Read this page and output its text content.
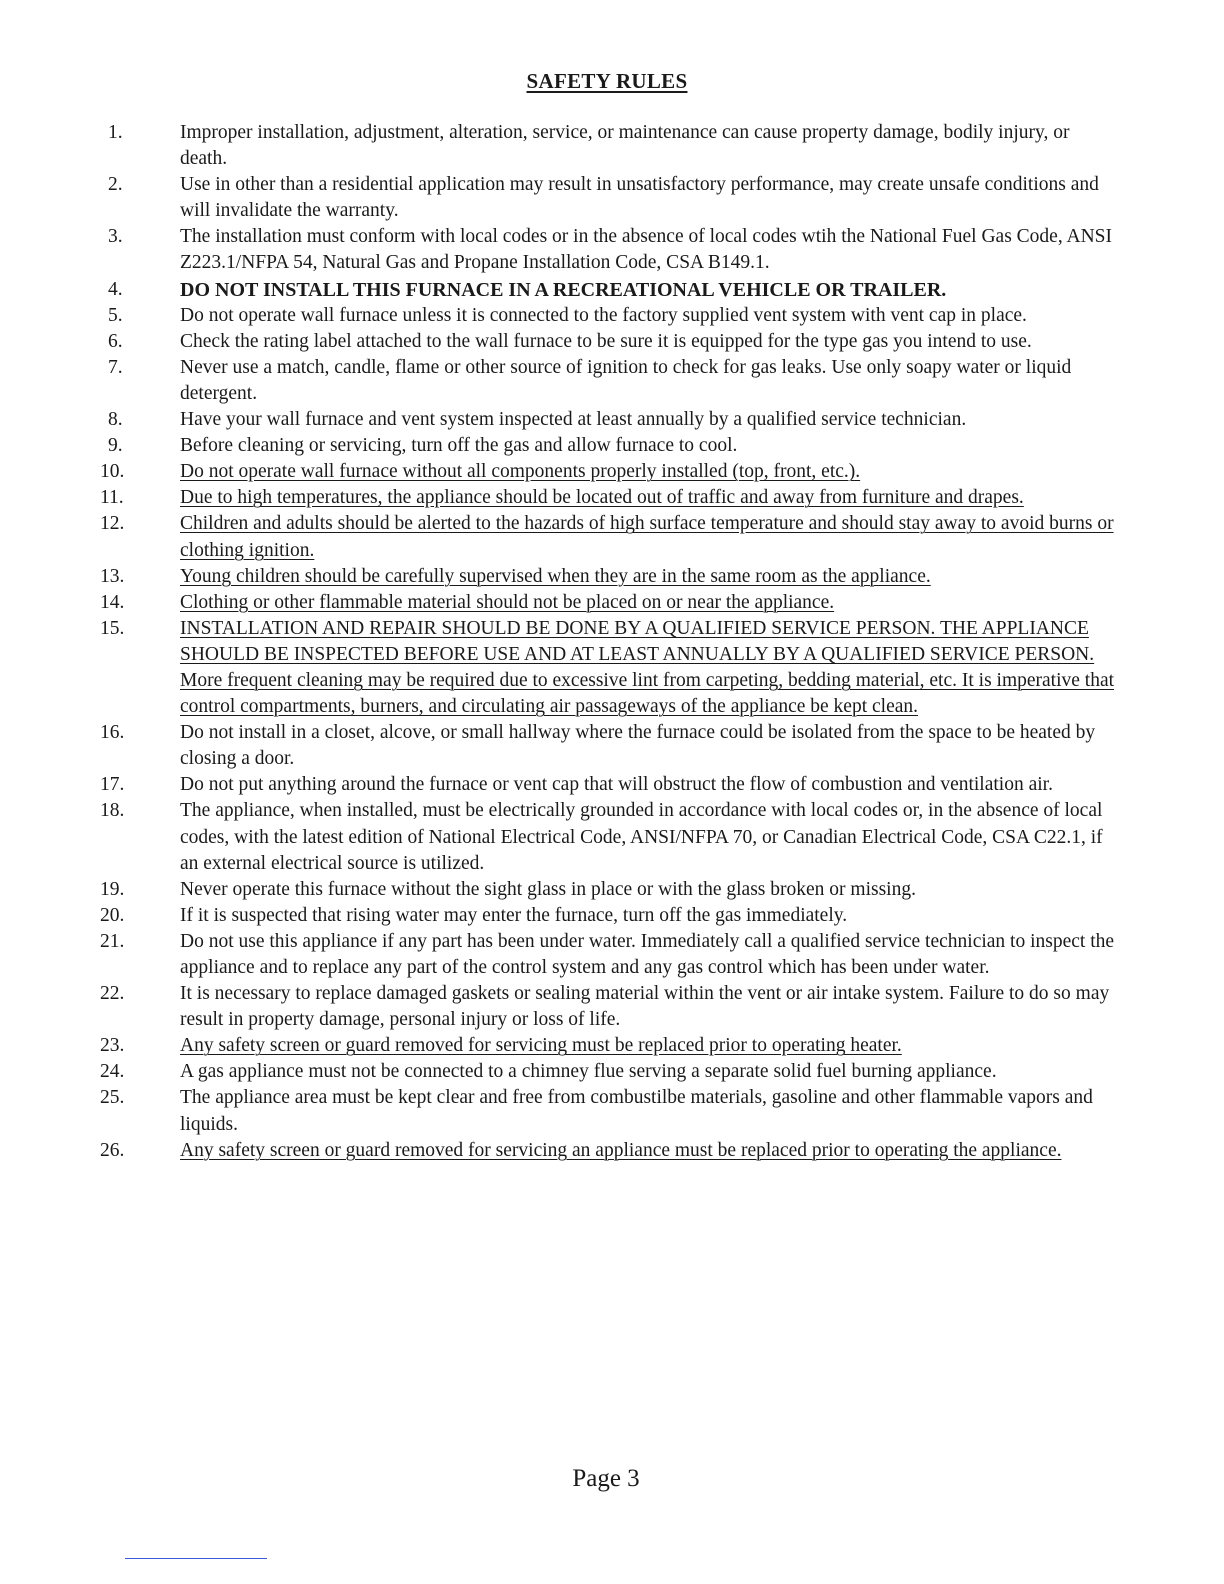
SAFETY RULES
1.	Improper installation, adjustment, alteration, service, or maintenance can cause property damage, bodily injury, or death.
2.	Use in other than a residential application may result in unsatisfactory performance, may create unsafe conditions and will invalidate the warranty.
3.	The installation must conform with local codes or in the absence of local codes wtih the National Fuel Gas Code, ANSI Z223.1/NFPA 54, Natural Gas and Propane Installation Code, CSA B149.1.
4.	DO NOT INSTALL THIS FURNACE IN A RECREATIONAL VEHICLE OR TRAILER.
5.	Do not operate wall furnace unless it is connected to the factory supplied vent system with vent cap in place.
6.	Check the rating label attached to the wall furnace to be sure it is equipped for the type gas you intend to use.
7.	Never use a match, candle, flame or other source of ignition to check for gas leaks. Use only soapy water or liquid detergent.
8.	Have your wall furnace and vent system inspected at least annually by a qualified service technician.
9.	Before cleaning or servicing, turn off the gas and allow furnace to cool.
10.	Do not operate wall furnace without all components properly installed (top, front, etc.).
11.	Due to high temperatures, the appliance should be located out of traffic and away from furniture and drapes.
12.	Children and adults should be alerted to the hazards of high surface temperature and should stay away to avoid burns or clothing ignition.
13.	Young children should be carefully supervised when they are in the same room as the appliance.
14.	Clothing or other flammable material should not be placed on or near the appliance.
15.	INSTALLATION AND REPAIR SHOULD BE DONE BY A QUALIFIED SERVICE PERSON. THE APPLIANCE SHOULD BE INSPECTED BEFORE USE AND AT LEAST ANNUALLY BY A QUALIFIED SERVICE PERSON. More frequent cleaning may be required due to excessive lint from carpeting, bedding material, etc. It is imperative that control compartments, burners, and circulating air passageways of the appliance be kept clean.
16.	Do not install in a closet, alcove, or small hallway where the furnace could be isolated from the space to be heated by closing a door.
17.	Do not put anything around the furnace or vent cap that will obstruct the flow of combustion and ventilation air.
18.	The appliance, when installed, must be electrically grounded in accordance with local codes or, in the absence of local codes, with the latest edition of National Electrical Code, ANSI/NFPA 70, or Canadian Electrical Code, CSA C22.1, if an external electrical source is utilized.
19.	Never operate this furnace without the sight glass in place or with the glass broken or missing.
20.	If it is suspected that rising water may enter the furnace, turn off the gas immediately.
21.	Do not use this appliance if any part has been under water. Immediately call a qualified service technician to inspect the appliance and to replace any part of the control system and any gas control which has been under water.
22.	It is necessary to replace damaged gaskets or sealing material within the vent or air intake system. Failure to do so may result in property damage, personal injury or loss of life.
23.	Any safety screen or guard removed for servicing must be replaced prior to operating heater.
24.	A gas appliance must not be connected to a chimney flue serving a separate solid fuel burning appliance.
25.	The appliance area must be kept clear and free from combustilbe materials, gasoline and other flammable vapors and liquids.
26.	Any safety screen or guard removed for servicing an appliance must be replaced prior to operating the appliance.
Page 3
